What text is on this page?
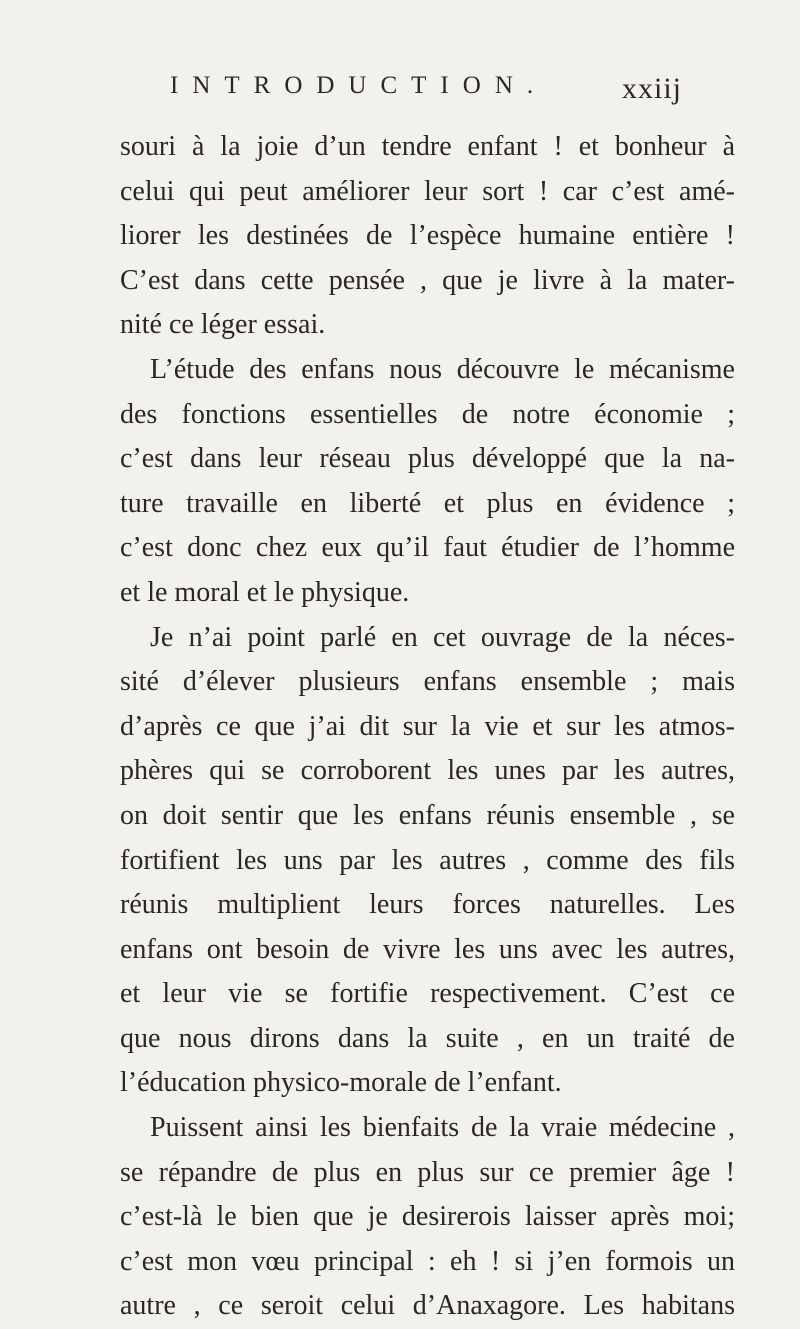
INTRODUCTION. xxiij
souri à la joie d’un tendre enfant ! et bonheur à
celui qui peut améliorer leur sort ! car c’est amé-
liorer les destinées de l’espèce humaine entière !
C’est dans cette pensée , que je livre à la mater-
nité ce léger essai.
L’étude des enfans nous découvre le mécanisme
des fonctions essentielles de notre économie ;
c’est dans leur réseau plus développé que la na-
ture travaille en liberté et plus en évidence ;
c’est donc chez eux qu’il faut étudier de l’homme
et le moral et le physique.
Je n’ai point parlé en cet ouvrage de la néces-
sité d’élever plusieurs enfans ensemble ; mais
d’après ce que j’ai dit sur la vie et sur les atmos-
phères qui se corroborent les unes par les autres,
on doit sentir que les enfans réunis ensemble , se
fortifient les uns par les autres , comme des fils
réunis multiplient leurs forces naturelles. Les
enfans ont besoin de vivre les uns avec les autres,
et leur vie se fortifie respectivement. C’est ce
que nous dirons dans la suite , en un traité de
l’éducation physico-morale de l’enfant.
Puissent ainsi les bienfaits de la vraie médecine ,
se répandre de plus en plus sur ce premier âge !
c’est-là le bien que je desirerois laisser après moi;
c’est mon vœu principal : eh ! si j’en formois un
autre , ce seroit celui d’Anaxagore. Les habitans
